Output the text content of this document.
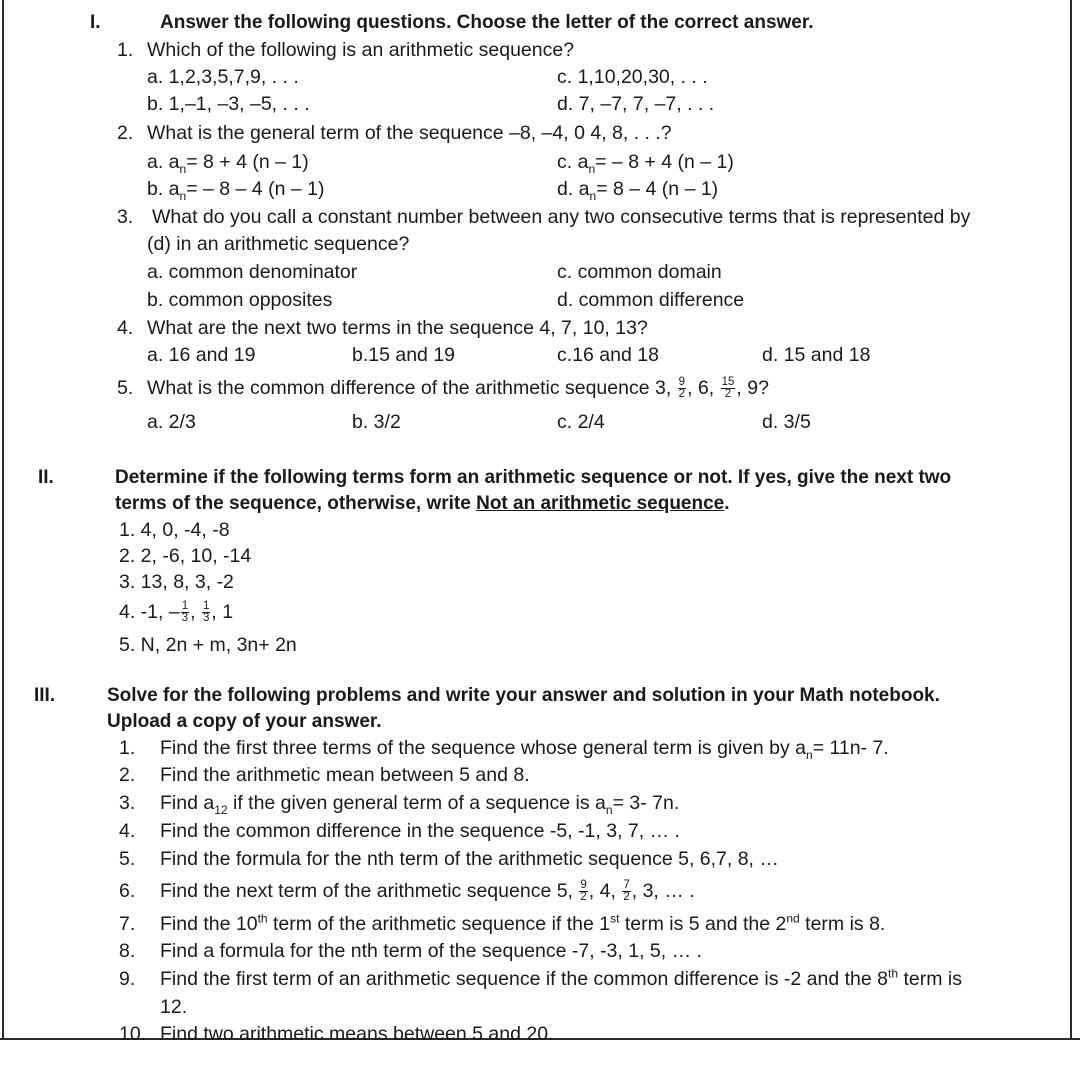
I.	Answer the following questions. Choose the letter of the correct answer.
1. Which of the following is an arithmetic sequence?
a. 1,2,3,5,7,9, . . .	c. 1,10,20,30, . . .
b. 1,–1, –3, –5, . . .	d. 7, –7, 7, –7, . . .
2. What is the general term of the sequence –8, –4, 0 4, 8, . . .?
a. $a_n= 8 + 4$ (n – 1)	c. $a_n= - 8 + 4$ (n – 1)
b. $a_n= - 8 - 4$ (n – 1)	d. $a_n= 8 - 4$ (n – 1)
3. What do you call a constant number between any two consecutive terms that is represented by
(d) in an arithmetic sequence?
a. common denominator	c. common domain
b. common opposites	d. common difference
4. What are the next two terms in the sequence 4, 7, 10, 13?
a. 16 and 19	b.15 and 19	c.16 and 18	d. 15 and 18
5. What is the common difference of the arithmetic sequence 3, $\frac{9}{2}$ , 6, $\frac{15}{2}$ , 9?
a. 2/3	b. 3/2	c. 2/4	d. 3/5
II.	Determine if the following terms form an arithmetic sequence or not. If yes, give the next two
terms of the sequence, otherwise, write Not an arithmetic sequence.
1. 4, 0, -4, -8
2. 2, -6, 10, -14
3. 13, 8, 3, -2
4. -1, – $\frac{1}{3}$ , $\frac{1}{3}$ , 1
5. N, 2n + m, 3n+ 2n
III.	Solve for the following problems and write your answer and solution in your Math notebook.
Upload a copy of your answer.
1. Find the first three terms of the sequence whose general term is given by $a_n= 11n-$ 7.
2. Find the arithmetic mean between 5 and 8.
3. Find $a_{12}$ if the given general term of a sequence is $a_n= 3-$ 7n.
4. Find the common difference in the sequence -5, -1, 3, 7, … .
5. Find the formula for the nth term of the arithmetic sequence 5, 6,7, 8, …
6. Find the next term of the arithmetic sequence 5, $\frac{9}{2}$ , 4, $\frac{7}{2}$ , 3, … .
7. Find the 10th term of the arithmetic sequence if the 1st term is 5 and the 2nd term is 8.
8. Find a formula for the nth term of the sequence -7, -3, 1, 5, … .
9. Find the first term of an arithmetic sequence if the common difference is -2 and the 8th term is
12.
10. Find two arithmetic means between 5 and 20.
